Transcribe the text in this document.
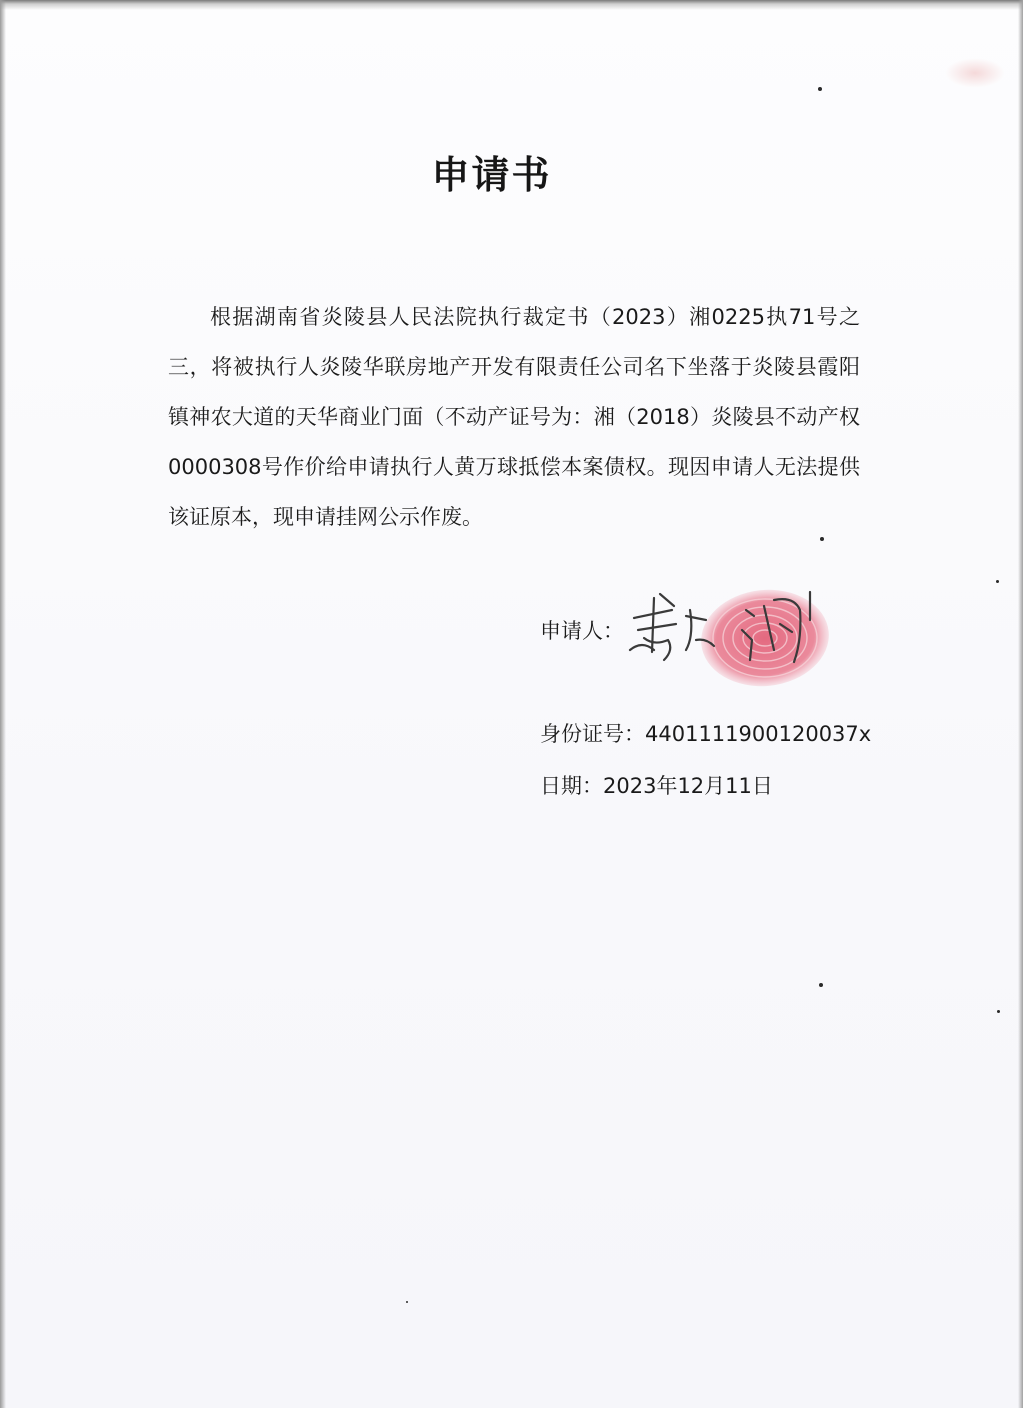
申请书
根据湖南省炎陵县人民法院执行裁定书（2023）湘0225执71号之三，将被执行人炎陵华联房地产开发有限责任公司名下坐落于炎陵县霞阳镇神农大道的天华商业门面（不动产证号为：湘（2018）炎陵县不动产权0000308号作价给申请执行人黄万球抵偿本案债权。现因申请人无法提供该证原本，现申请挂网公示作废。
申请人：
身份证号：4401111900120037x
日期：2023年12月11日
